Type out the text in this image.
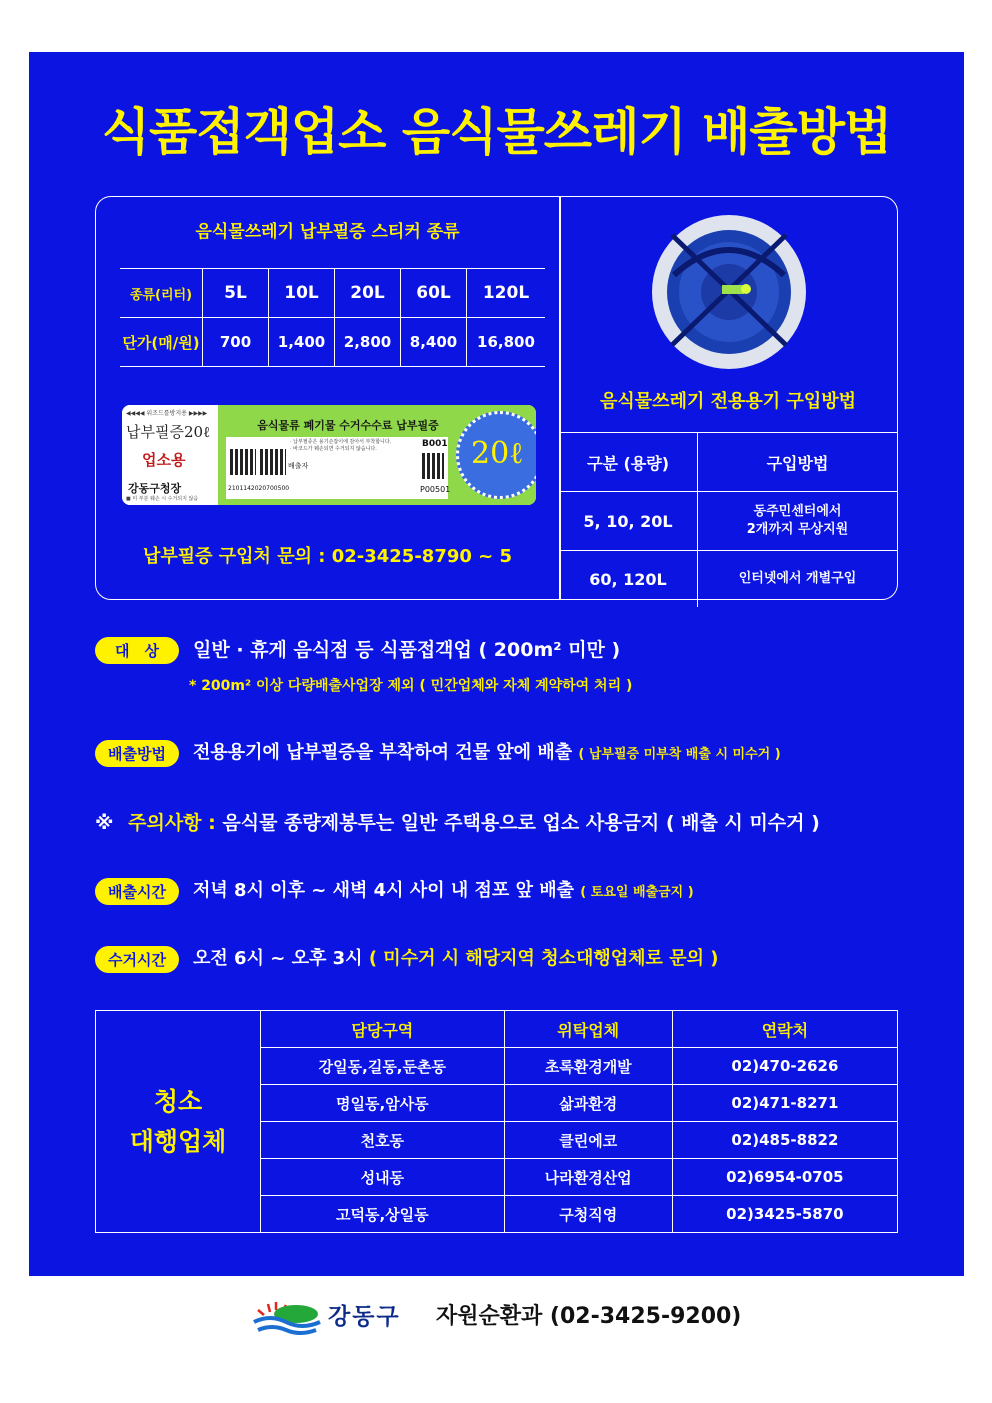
식품접객업소 음식물쓰레기 배출방법
음식물쓰레기 납부필증 스티커 종류
종류(리터)	5L	10L	20L	60L	120L
단가(매/원)	700	1,400	2,800	8,400	16,800
◀◀◀◀ 위조드를방지용 ▶▶▶▶
납부필증20ℓ
업소용
강동구청장
■ 미 부분 훼손 시 수거되지 않음
음식물류 폐기물 수거수수료 납부필증
· 납부필증은 용기손잡이에 감아서 부착합니다.
· 바코드가 훼손되면 수거되지 않습니다.
배출자
2101142020700500
B001
P00501
20ℓ
납부필증 구입처 문의 : 02-3425-8790 ~ 5
음식물쓰레기 전용용기 구입방법
구분 (용량)	구입방법
5, 10, 20L	동주민센터에서
2개까지 무상지원

60, 120L	인터넷에서 개별구입
대　상 일반 · 휴게 음식점 등 식품접객업 ( 200m² 미만 )
* 200m² 이상 다량배출사업장 제외 ( 민간업체와 자체 계약하여 처리 )
배출방법 전용용기에 납부필증을 부착하여 건물 앞에 배출 ( 납부필증 미부착 배출 시 미수거 )
※ 주의사항 : 음식물 종량제봉투는 일반 주택용으로 업소 사용금지 ( 배출 시 미수거 )
배출시간 저녁 8시 이후 ~ 새벽 4시 사이 내 점포 앞 배출 ( 토요일 배출금지 )
수거시간 오전 6시 ~ 오후 3시 ( 미수거 시 해당지역 청소대행업체로 문의 )
청소
대행업체	담당구역	위탁업체	연락처
	강일동,길동,둔촌동	초록환경개발	02)470-2626
	명일동,암사동	삶과환경	02)471-8271
	천호동	클린에코	02)485-8822
	성내동	나라환경산업	02)6954-0705
	고덕동,상일동	구청직영	02)3425-5870
강동구 자원순환과 (02-3425-9200)
